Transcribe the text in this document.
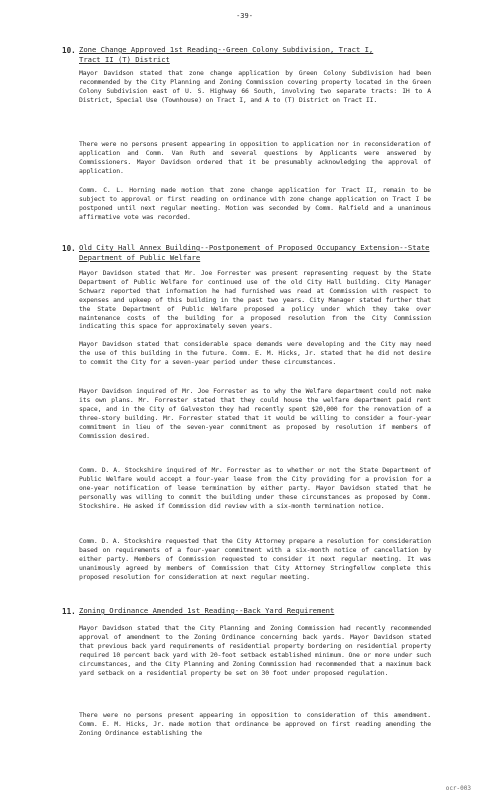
-39-
10. Zone Change Approved 1st Reading--Green Colony Subdivision, Tract I,
Tract II (T) District

Mayor Davidson stated that zone change application by Green Colony Subdivision had been recommended by the City Planning and Zoning Commission covering property located in the Green Colony Subdivision east of U. S. Highway 66 South, involving two separate tracts: IH to A District, Special Use (Townhouse) on Tract I, and A to (T) District on Tract II.

There were no persons present appearing in opposition to application nor in reconsideration of application and Comm. Van Ruth and several questions by Applicants were answered by Commissioners. Mayor Davidson ordered that it be presumably acknowledging the approval of application.

Comm. C. L. Horning made motion that zone change application for Tract II, remain to be subject to approval or first reading on ordinance with zone change application on Tract I be postponed until next regular meeting. Motion was seconded by Comm. Ralfield and a unanimous affirmative vote was recorded.

10. Old City Hall Annex Building--Postponement of Proposed Occupancy Extension--State Department of Public Welfare

Mayor Davidson stated that Mr. Joe Forrester was present representing request by the State Department of Public Welfare for continued use of the old City Hall building. City Manager Schwarz reported that information he had furnished was read at Commission with respect to expenses and upkeep of this building in the past two years. City Manager stated further that the State Department of Public Welfare proposed a policy under which they take over maintenance costs of the building for a proposed resolution from the City Commission indicating this space for approximately seven years.

Mayor Davidson stated that considerable space demands were developing and the City may need the use of this building in the future. Comm. E. M. Hicks, Jr. stated that he did not desire to commit the City for a seven-year period under these circumstances.

Mayor Davidson inquired of Mr. Joe Forrester as to why the Welfare department could not make its own plans. Mr. Forrester stated that they could house the welfare department paid rent space, and in the City of Galveston they had recently spent $20,000 for the renovation of a three-story building. Mr. Forrester stated that it would be willing to consider a four-year commitment in lieu of the seven-year commitment as proposed by resolution if members of Commission desired.

Comm. D. A. Stockshire inquired of Mr. Forrester as to whether or not the State Department of Public Welfare would accept a four-year lease from the City providing for a provision for a one-year notification of lease termination by either party. Mayor Davidson stated that he personally was willing to commit the building under these circumstances as proposed by Comm. Stockshire. He asked if Commission did review with a six-month termination notice.

Comm. D. A. Stockshire requested that the City Attorney prepare a resolution for consideration based on requirements of a four-year commitment with a six-month notice of cancellation by either party. Members of Commission requested to consider it next regular meeting. It was unanimously agreed by members of Commission that City Attorney Stringfellow complete this proposed resolution for consideration at next regular meeting.

11. Zoning Ordinance Amended 1st Reading--Back Yard Requirement

Mayor Davidson stated that the City Planning and Zoning Commission had recently recommended approval of amendment to the Zoning Ordinance concerning back yards. Mayor Davidson stated that previous back yard requirements of residential property bordering on residential property required 10 percent back yard with 20-foot setback established minimum. One or more under such circumstances, and the City Planning and Zoning Commission had recommended that a maximum back yard setback on a residential property be set on 30 foot under proposed regulation.

There were no persons present appearing in opposition to consideration of this amendment. Comm. E. M. Hicks, Jr. made motion that ordinance be approved on first reading amending the Zoning Ordinance establishing the

ocr-003
